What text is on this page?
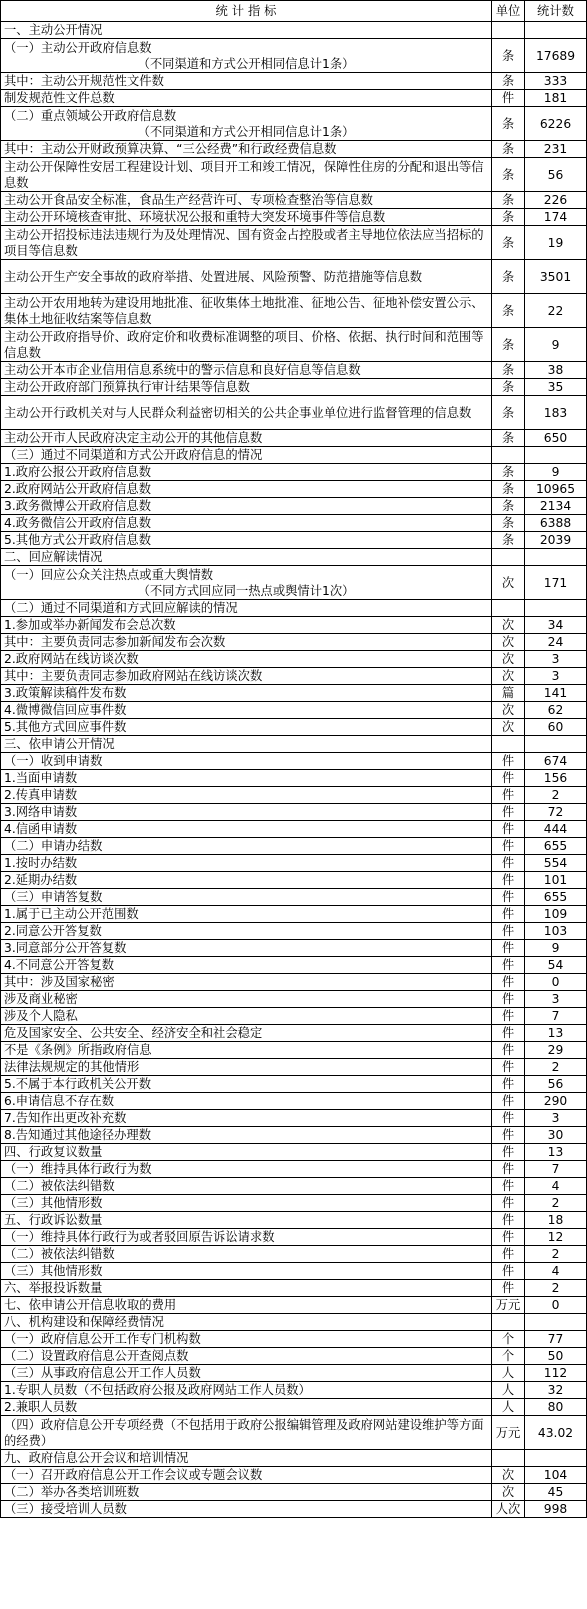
统 计 指 标	单位	统计数
一、主动公开情况		

（一）主动公开政府信息数
（不同渠道和方式公开相同信息计1条）	条	17689
其中：主动公开规范性文件数	条	333
制发规范性文件总数	件	181

（二）重点领域公开政府信息数
（不同渠道和方式公开相同信息计1条）	条	6226
其中：主动公开财政预算决算、“三公经费”和行政经费信息数	条	231
主动公开保障性安居工程建设计划、项目开工和竣工情况，保障性住房的分配和退出等信息数	条	56
主动公开食品安全标准，食品生产经营许可、专项检查整治等信息数	条	226
主动公开环境核查审批、环境状况公报和重特大突发环境事件等信息数	条	174
主动公开招投标违法违规行为及处理情况、国有资金占控股或者主导地位依法应当招标的项目等信息数	条	19
主动公开生产安全事故的政府举措、处置进展、风险预警、防范措施等信息数	条	3501
主动公开农用地转为建设用地批准、征收集体土地批准、征地公告、征地补偿安置公示、集体土地征收结案等信息数	条	22
主动公开政府指导价、政府定价和收费标准调整的项目、价格、依据、执行时间和范围等信息数	条	9
主动公开本市企业信用信息系统中的警示信息和良好信息等信息数	条	38
主动公开政府部门预算执行审计结果等信息数	条	35
主动公开行政机关对与人民群众利益密切相关的公共企事业单位进行监督管理的信息数	条	183
主动公开市人民政府决定主动公开的其他信息数	条	650
（三）通过不同渠道和方式公开政府信息的情况		
1.政府公报公开政府信息数	条	9
2.政府网站公开政府信息数	条	10965
3.政务微博公开政府信息数	条	2134
4.政务微信公开政府信息数	条	6388
5.其他方式公开政府信息数	条	2039
二、回应解读情况		

（一）回应公众关注热点或重大舆情数
（不同方式回应同一热点或舆情计1次）	次	171
（二）通过不同渠道和方式回应解读的情况		
1.参加或举办新闻发布会总次数	次	34
其中：主要负责同志参加新闻发布会次数	次	24
2.政府网站在线访谈次数	次	3
其中：主要负责同志参加政府网站在线访谈次数	次	3
3.政策解读稿件发布数	篇	141
4.微博微信回应事件数	次	62
5.其他方式回应事件数	次	60
三、依申请公开情况		
（一）收到申请数	件	674
1.当面申请数	件	156
2.传真申请数	件	2
3.网络申请数	件	72
4.信函申请数	件	444
（二）申请办结数	件	655
1.按时办结数	件	554
2.延期办结数	件	101
（三）申请答复数	件	655
1.属于已主动公开范围数	件	109
2.同意公开答复数	件	103
3.同意部分公开答复数	件	9
4.不同意公开答复数	件	54
其中：涉及国家秘密	件	0
涉及商业秘密	件	3
涉及个人隐私	件	7
危及国家安全、公共安全、经济安全和社会稳定	件	13
不是《条例》所指政府信息	件	29
法律法规规定的其他情形	件	2
5.不属于本行政机关公开数	件	56
6.申请信息不存在数	件	290
7.告知作出更改补充数	件	3
8.告知通过其他途径办理数	件	30
四、行政复议数量	件	13
（一）维持具体行政行为数	件	7
（二）被依法纠错数	件	4
（三）其他情形数	件	2
五、行政诉讼数量	件	18
（一）维持具体行政行为或者驳回原告诉讼请求数	件	12
（二）被依法纠错数	件	2
（三）其他情形数	件	4
六、举报投诉数量	件	2
七、依申请公开信息收取的费用	万元	0
八、机构建设和保障经费情况		
（一）政府信息公开工作专门机构数	个	77
（二）设置政府信息公开查阅点数	个	50
（三）从事政府信息公开工作人员数	人	112
1.专职人员数（不包括政府公报及政府网站工作人员数）	人	32
2.兼职人员数	人	80
（四）政府信息公开专项经费（不包括用于政府公报编辑管理及政府网站建设维护等方面的经费）	万元	43.02
九、政府信息公开会议和培训情况		
（一）召开政府信息公开工作会议或专题会议数	次	104
（二）举办各类培训班数	次	45
（三）接受培训人员数	人次	998
